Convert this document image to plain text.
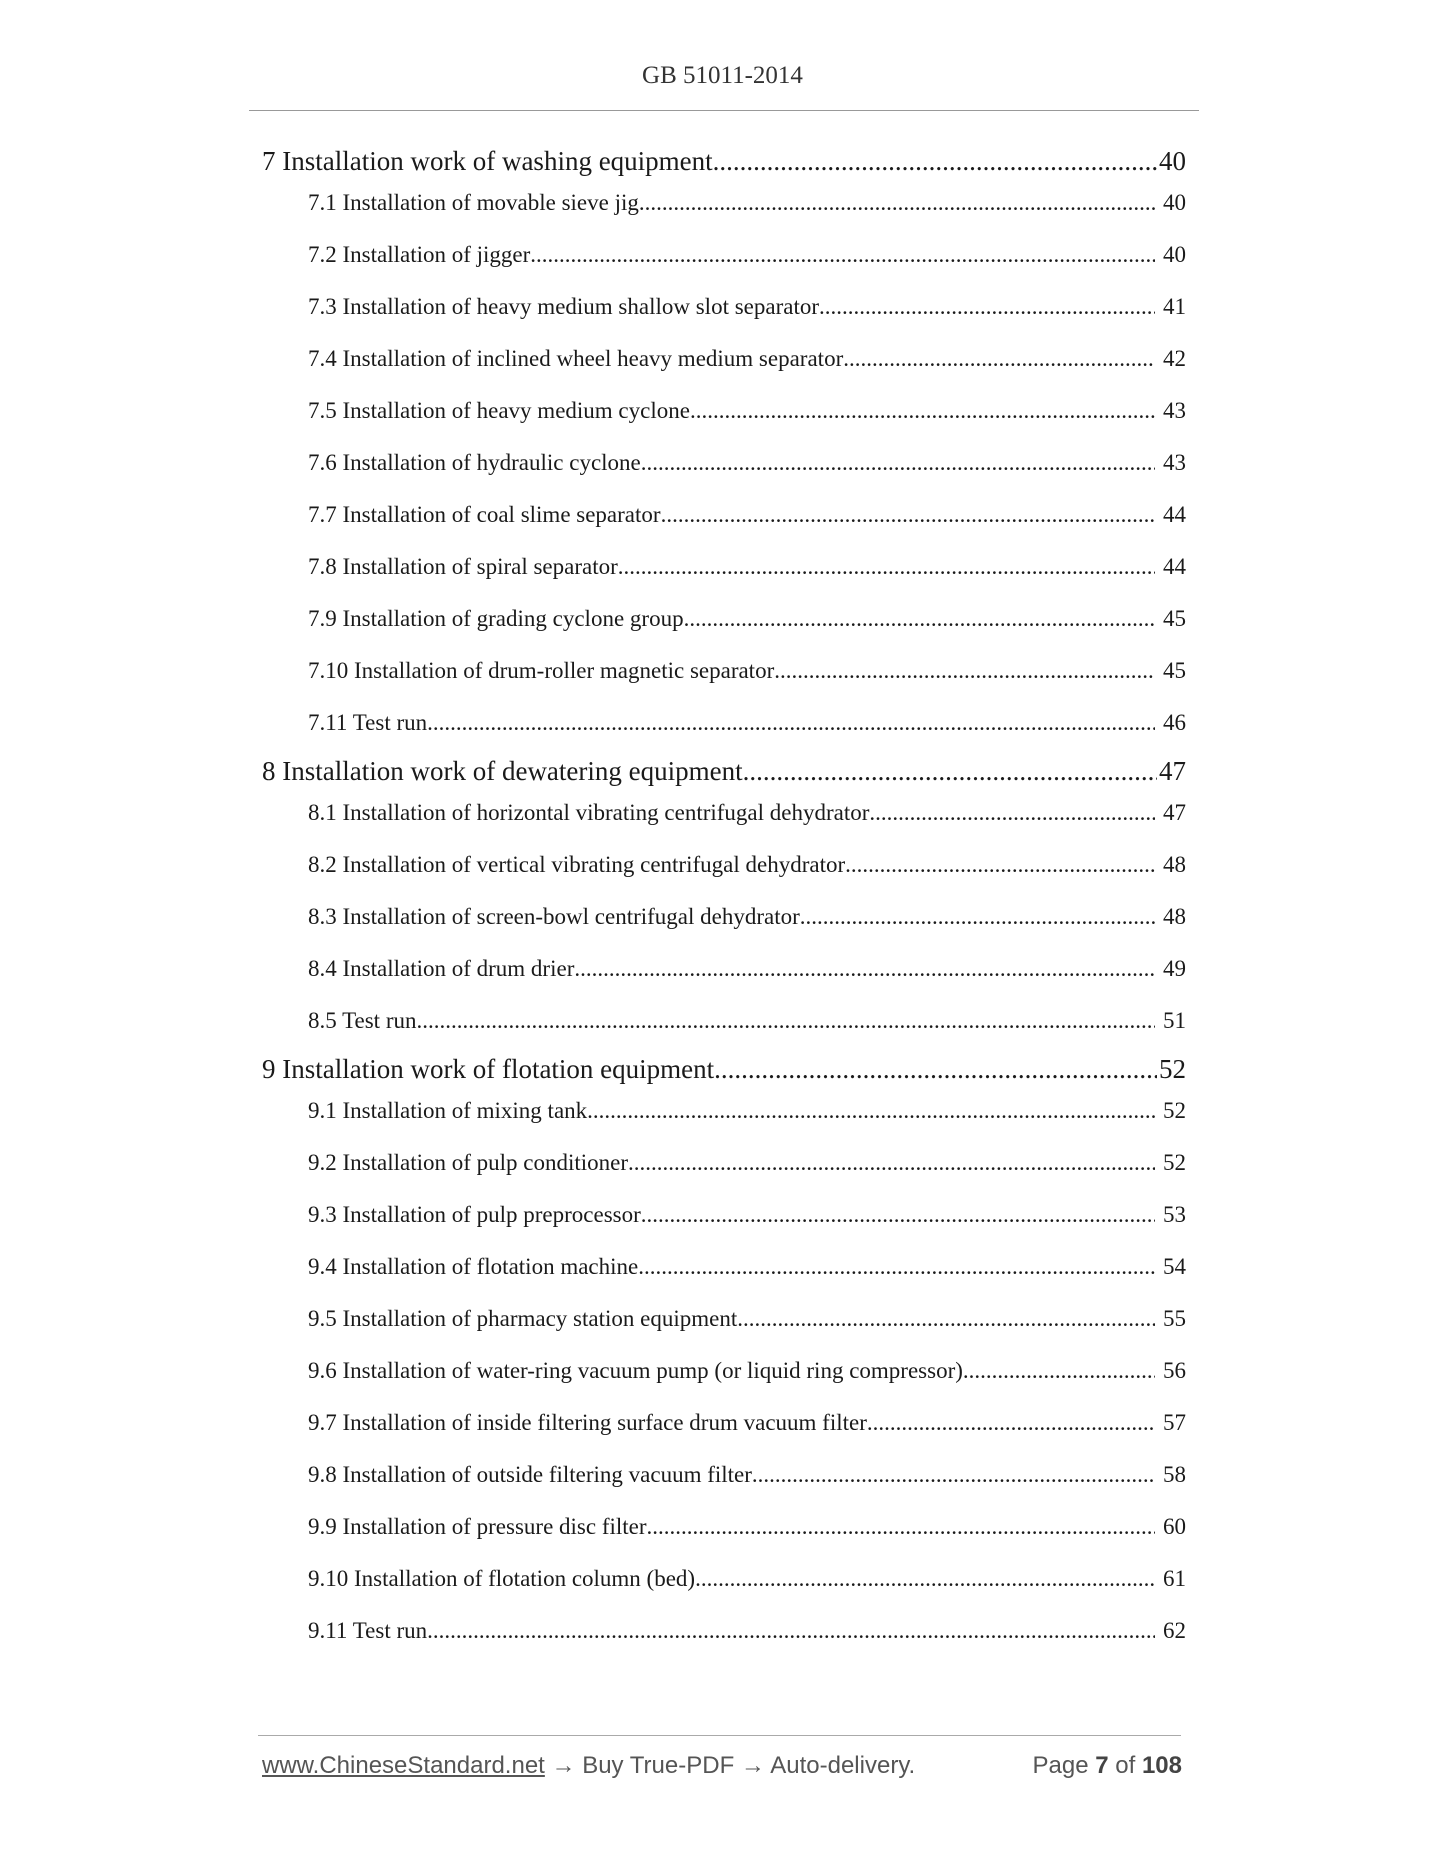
GB 51011-2014
7 Installation work of washing equipment .....	40
7.1 Installation of movable sieve jig .....	40
7.2 Installation of jigger .....	40
7.3 Installation of heavy medium shallow slot separator .....	41
7.4 Installation of inclined wheel heavy medium separator .....	42
7.5 Installation of heavy medium cyclone .....	43
7.6 Installation of hydraulic cyclone .....	43
7.7 Installation of coal slime separator .....	44
7.8 Installation of spiral separator .....	44
7.9 Installation of grading cyclone group .....	45
7.10 Installation of drum-roller magnetic separator .....	45
7.11 Test run .....	46
8 Installation work of dewatering equipment .....	47
8.1 Installation of horizontal vibrating centrifugal dehydrator .....	47
8.2 Installation of vertical vibrating centrifugal dehydrator .....	48
8.3 Installation of screen-bowl centrifugal dehydrator .....	48
8.4 Installation of drum drier .....	49
8.5 Test run .....	51
9 Installation work of flotation equipment .....	52
9.1 Installation of mixing tank .....	52
9.2 Installation of pulp conditioner .....	52
9.3 Installation of pulp preprocessor .....	53
9.4 Installation of flotation machine .....	54
9.5 Installation of pharmacy station equipment .....	55
9.6 Installation of water-ring vacuum pump (or liquid ring compressor) .....	56
9.7 Installation of inside filtering surface drum vacuum filter .....	57
9.8 Installation of outside filtering vacuum filter .....	58
9.9 Installation of pressure disc filter .....	60
9.10 Installation of flotation column (bed) .....	61
9.11 Test run .....	62
www.ChineseStandard.net → Buy True-PDF → Auto-delivery.	Page 7 of 108
